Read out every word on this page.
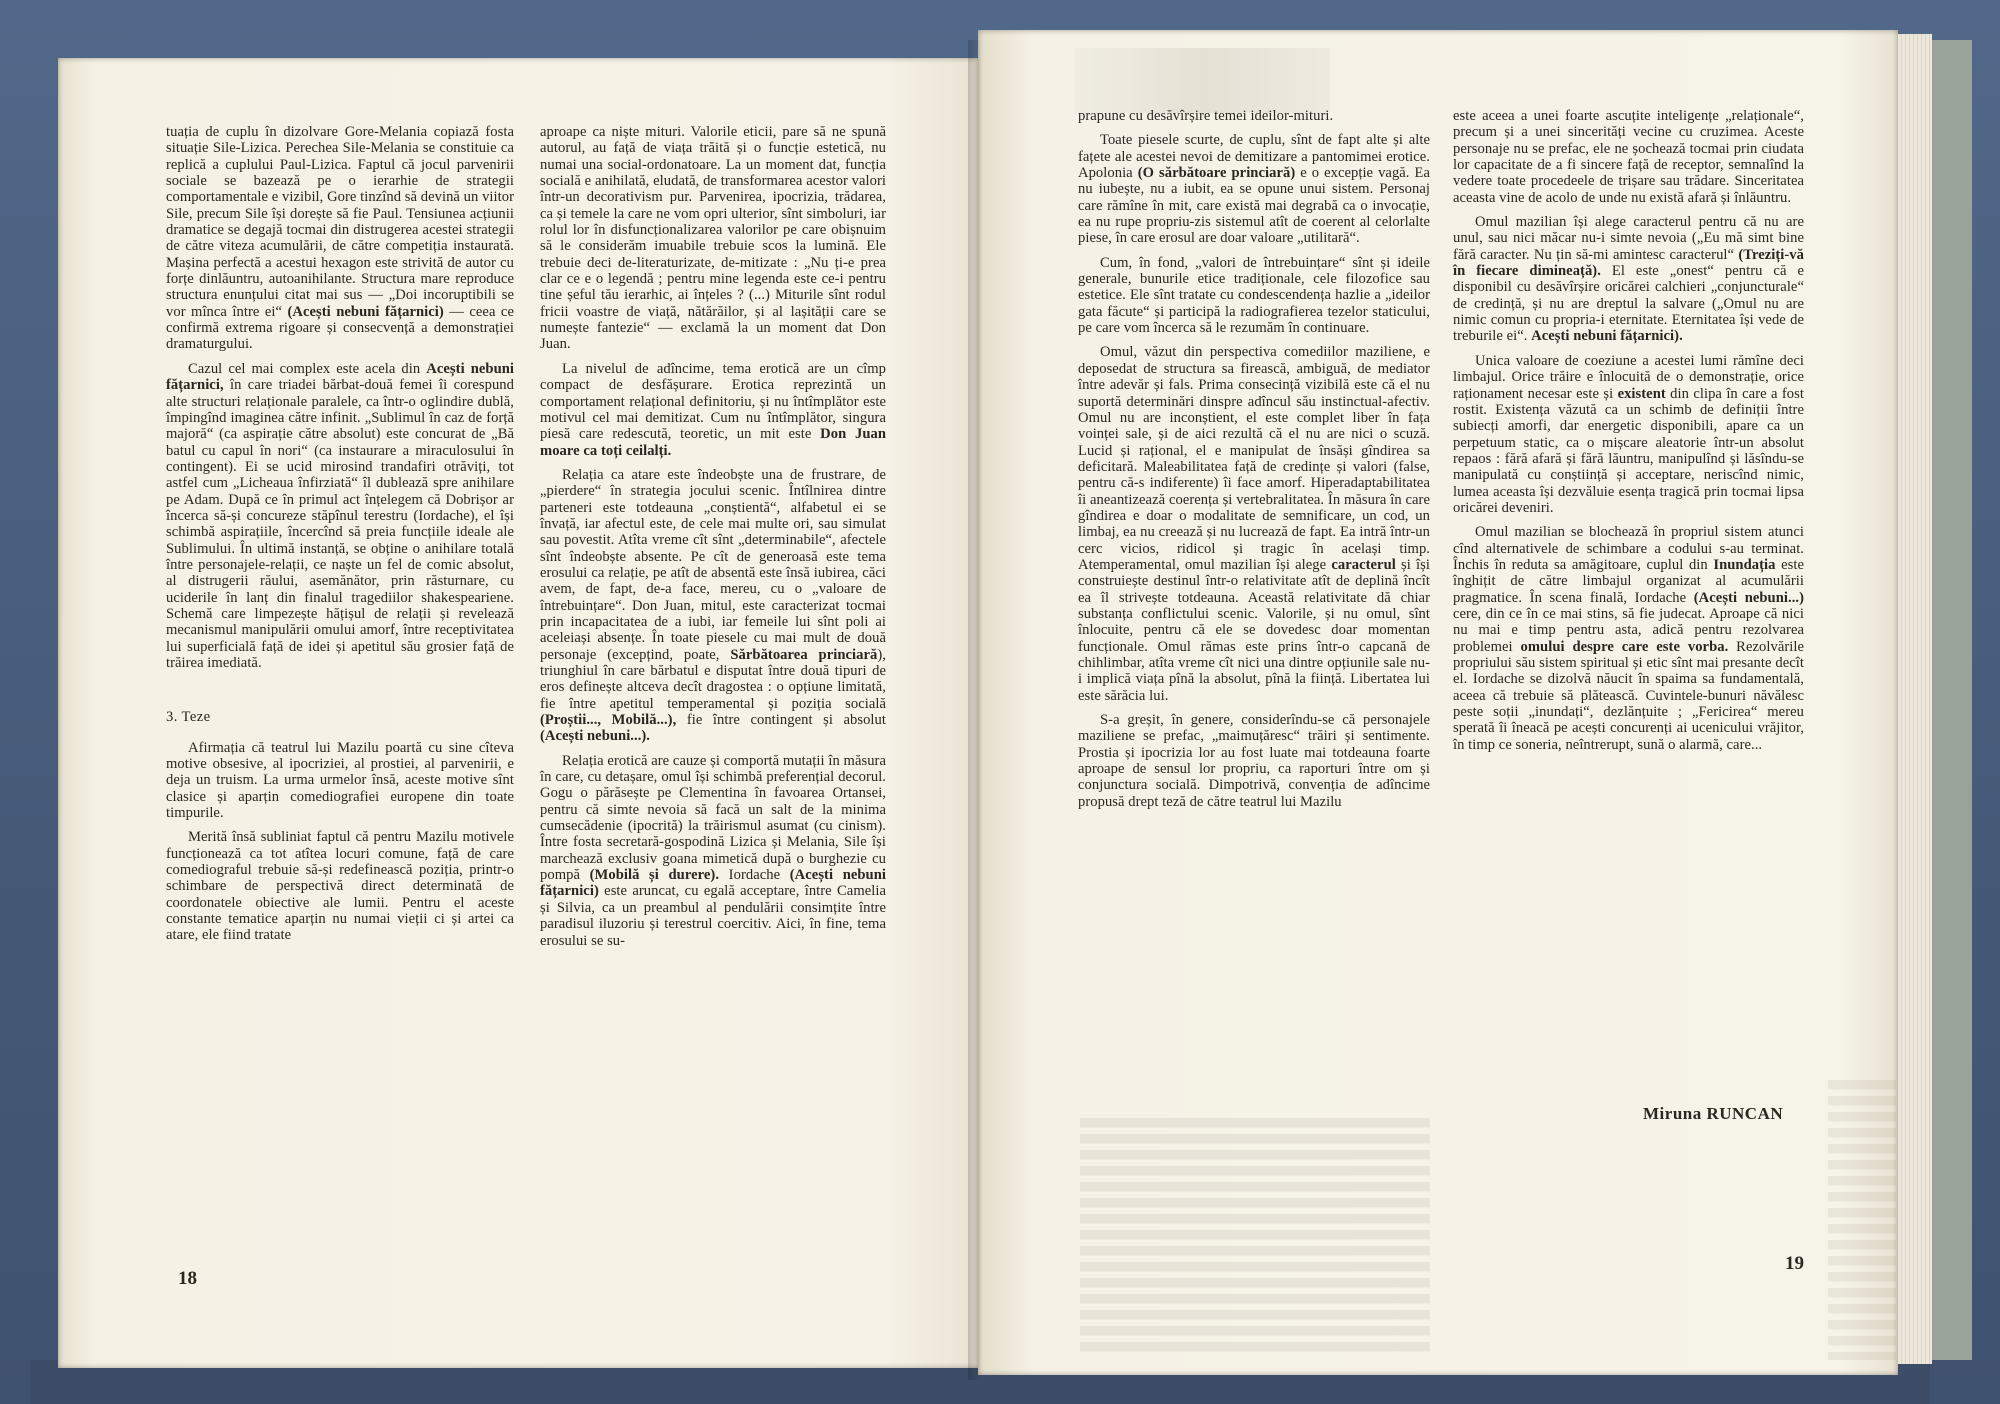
tuația de cuplu în dizolvare Gore-Melania copiază fosta situație Sile-Lizica. Perechea Sile-Melania se constituie ca replică a cuplului Paul-Lizica. Faptul că jocul parvenirii sociale se bazează pe o ierarhie de strategii comportamentale e vizibil, Gore tinzînd să devină un viitor Sile, precum Sile își dorește să fie Paul. Tensiunea acțiunii dramatice se degajă tocmai din distrugerea acestei strategii de către viteza acumulării, de către competiția instaurată. Mașina perfectă a acestui hexagon este strivită de autor cu forțe dinlăuntru, autoanihilante. Structura mare reproduce structura enunțului citat mai sus — „Doi incoruptibili se vor mînca între ei“ (Acești nebuni fățarnici) — ceea ce confirmă extrema rigoare și consecvență a demonstrației dramaturgului.

Cazul cel mai complex este acela din Acești nebuni fățarnici, în care triadei bărbat-două femei îi corespund alte structuri relaționale paralele, ca într-o oglindire dublă, împingînd imaginea către infinit. „Sublimul în caz de forță majoră“ (ca aspirație către absolut) este concurat de „Bă batul cu capul în nori“ (ca instaurare a miraculosului în contingent). Ei se ucid mirosind trandafiri otrăviți, tot astfel cum „Licheaua înfirziată“ îl dublează spre anihilare pe Adam. După ce în primul act înțelegem că Dobrișor ar încerca să-și concureze stăpînul terestru (Iordache), el își schimbă aspirațiile, încercînd să preia funcțiile ideale ale Sublimului. În ultimă instanță, se obține o anihilare totală între personajele-relații, ce naște un fel de comic absolut, al distrugerii răului, asemănător, prin răsturnare, cu uciderile în lanț din finalul tragediilor shakespeariene. Schemă care limpezește hățișul de relații și revelează mecanismul manipulării omului amorf, între receptivitatea lui superficială față de idei și apetitul său grosier față de trăirea imediată.

3. Teze

Afirmația că teatrul lui Mazilu poartă cu sine cîteva motive obsesive, al ipocriziei, al prostiei, al parvenirii, e deja un truism. La urma urmelor însă, aceste motive sînt clasice și aparțin comediografiei europene din toate timpurile.

Merită însă subliniat faptul că pentru Mazilu motivele funcționează ca tot atîtea locuri comune, față de care comediograful trebuie să-și redefinească poziția, printr-o schimbare de perspectivă direct determinată de coordonatele obiective ale lumii. Pentru el aceste constante tematice aparțin nu numai vieții ci și artei ca atare, ele fiind tratate

aproape ca niște mituri. Valorile eticii, pare să ne spună autorul, au față de viața trăită și o funcție estetică, nu numai una social-ordonatoare. La un moment dat, funcția socială e anihilată, eludată, de transformarea acestor valori într-un decorativism pur. Parvenirea, ipocrizia, trădarea, ca și temele la care ne vom opri ulterior, sînt simboluri, iar rolul lor în disfuncționalizarea valorilor pe care obișnuim să le considerăm imuabile trebuie scos la lumină. Ele trebuie deci de-literaturizate, de-mitizate : „Nu ți-e prea clar ce e o legendă ; pentru mine legenda este ce-i pentru tine șeful tău ierarhic, ai înțeles ? (...) Miturile sînt rodul fricii voastre de viață, nătărăilor, și al lașității care se numește fantezie“ — exclamă la un moment dat Don Juan.

La nivelul de adîncime, tema erotică are un cîmp compact de desfășurare. Erotica reprezintă un comportament relațional definitoriu, și nu întîmplător este motivul cel mai demitizat. Cum nu întîmplător, singura piesă care redescută, teoretic, un mit este Don Juan moare ca toți ceilalți.

Relația ca atare este îndeobște una de frustrare, de „pierdere“ în strategia jocului scenic. Întîlnirea dintre parteneri este totdeauna „conștientă“, alfabetul ei se învață, iar afectul este, de cele mai multe ori, sau simulat sau povestit. Atîta vreme cît sînt „determinabile“, afectele sînt îndeobște absente. Pe cît de generoasă este tema erosului ca relație, pe atît de absentă este însă iubirea, căci avem, de fapt, de-a face, mereu, cu o „valoare de întrebuințare“. Don Juan, mitul, este caracterizat tocmai prin incapacitatea de a iubi, iar femeile lui sînt poli ai aceleiași absențe. În toate piesele cu mai mult de două personaje (excepțind, poate, Sărbătoarea princiară), triunghiul în care bărbatul e disputat între două tipuri de eros definește altceva decît dragostea : o opțiune limitată, fie între apetitul temperamental și poziția socială (Proștii..., Mobilă...), fie între contingent și absolut (Acești nebuni...).

Relația erotică are cauze și comportă mutații în măsura în care, cu detașare, omul își schimbă preferențial decorul. Gogu o părăsește pe Clementina în favoarea Ortansei, pentru că simte nevoia să facă un salt de la minima cumsecădenie (ipocrită) la trăirismul asumat (cu cinism). Între fosta secretară-gospodină Lizica și Melania, Sile își marchează exclusiv goana mimetică după o burghezie cu pompă (Mobilă și durere). Iordache (Acești nebuni fățarnici) este aruncat, cu egală acceptare, între Camelia și Silvia, ca un preambul al pendulării consimțite între paradisul iluzoriu și terestrul coercitiv. Aici, în fine, tema erosului se su-

prapune cu desăvîrșire temei ideilor-mituri.

Toate piesele scurte, de cuplu, sînt de fapt alte și alte fațete ale acestei nevoi de demitizare a pantomimei erotice. Apolonia (O sărbătoare princiară) e o excepție vagă. Ea nu iubește, nu a iubit, ea se opune unui sistem. Personaj care rămîne în mit, care există mai degrabă ca o invocație, ea nu rupe propriu-zis sistemul atît de coerent al celorlalte piese, în care erosul are doar valoare „utilitară“.

Cum, în fond, „valori de întrebuințare“ sînt și ideile generale, bunurile etice tradiționale, cele filozofice sau estetice. Ele sînt tratate cu condescendența hazlie a „ideilor gata făcute“ și participă la radiografierea tezelor staticului, pe care vom încerca să le rezumăm în continuare.

Omul, văzut din perspectiva comediilor maziliene, e deposedat de structura sa firească, ambiguă, de mediator între adevăr și fals. Prima consecință vizibilă este că el nu suportă determinări dinspre adîncul său instinctual-afectiv. Omul nu are inconștient, el este complet liber în fața voinței sale, și de aici rezultă că el nu are nici o scuză. Lucid și rațional, el e manipulat de însăși gîndirea sa deficitară. Maleabilitatea față de credințe și valori (false, pentru că-s indiferente) îi face amorf. Hiperadaptabilitatea îi aneantizează coerența și vertebralitatea. În măsura în care gîndirea e doar o modalitate de semnificare, un cod, un limbaj, ea nu creează și nu lucrează de fapt. Ea intră într-un cerc vicios, ridicol și tragic în același timp. Atemperamental, omul mazilian își alege caracterul și își construiește destinul într-o relativitate atît de deplină încît ea îl strivește totdeauna. Această relativitate dă chiar substanța conflictului scenic. Valorile, și nu omul, sînt înlocuite, pentru că ele se dovedesc doar momentan funcționale. Omul rămas este prins într-o capcană de chihlimbar, atîta vreme cît nici una dintre opțiunile sale nu-i implică viața pînă la absolut, pînă la ființă. Libertatea lui este sărăcia lui.

S-a greșit, în genere, considerîndu-se că personajele maziliene se prefac, „maimuțăresc“ trăiri și sentimente. Prostia și ipocrizia lor au fost luate mai totdeauna foarte aproape de sensul lor propriu, ca raporturi între om și conjunctura socială. Dimpotrivă, convenția de adîncime propusă drept teză de către teatrul lui Mazilu

este aceea a unei foarte ascuțite inteligențe „relaționale“, precum și a unei sincerități vecine cu cruzimea. Aceste personaje nu se prefac, ele ne șochează tocmai prin ciudata lor capacitate de a fi sincere față de receptor, semnalînd la vedere toate procedeele de trișare sau trădare. Sinceritatea aceasta vine de acolo de unde nu există afară și înlăuntru.

Omul mazilian își alege caracterul pentru că nu are unul, sau nici măcar nu-i simte nevoia („Eu mă simt bine fără caracter. Nu țin să-mi amintesc caracterul“ (Treziți-vă în fiecare dimineață). El este „onest“ pentru că e disponibil cu desăvîrșire oricărei calchieri „conjuncturale“ de credință, și nu are dreptul la salvare („Omul nu are nimic comun cu propria-i eternitate. Eternitatea își vede de treburile ei“. Acești nebuni fățarnici).

Unica valoare de coeziune a acestei lumi rămîne deci limbajul. Orice trăire e înlocuită de o demonstrație, orice raționament necesar este și existent din clipa în care a fost rostit. Existența văzută ca un schimb de definiții între subiecți amorfi, dar energetic disponibili, apare ca un perpetuum static, ca o mișcare aleatorie într-un absolut repaos : fără afară și fără lăuntru, manipulînd și lăsîndu-se manipulată cu conștiință și acceptare, neriscînd nimic, lumea aceasta își dezvăluie esența tragică prin tocmai lipsa oricărei deveniri.

Omul mazilian se blochează în propriul sistem atunci cînd alternativele de schimbare a codului s-au terminat. Închis în reduta sa amăgitoare, cuplul din Inundația este înghițit de către limbajul organizat al acumulării pragmatice. În scena finală, Iordache (Acești nebuni...) cere, din ce în ce mai stins, să fie judecat. Aproape că nici nu mai e timp pentru asta, adică pentru rezolvarea problemei omului despre care este vorba. Rezolvările propriului său sistem spiritual și etic sînt mai presante decît el. Iordache se dizolvă năucit în spaima sa fundamentală, aceea că trebuie să plătească. Cuvintele-bunuri năvălesc peste soții „inundați“, dezlănțuite ; „Fericirea“ mereu sperată îi îneacă pe acești concurenți ai ucenicului vrăjitor, în timp ce soneria, neîntrerupt, sună o alarmă, care...

Miruna RUNCAN
18
19
